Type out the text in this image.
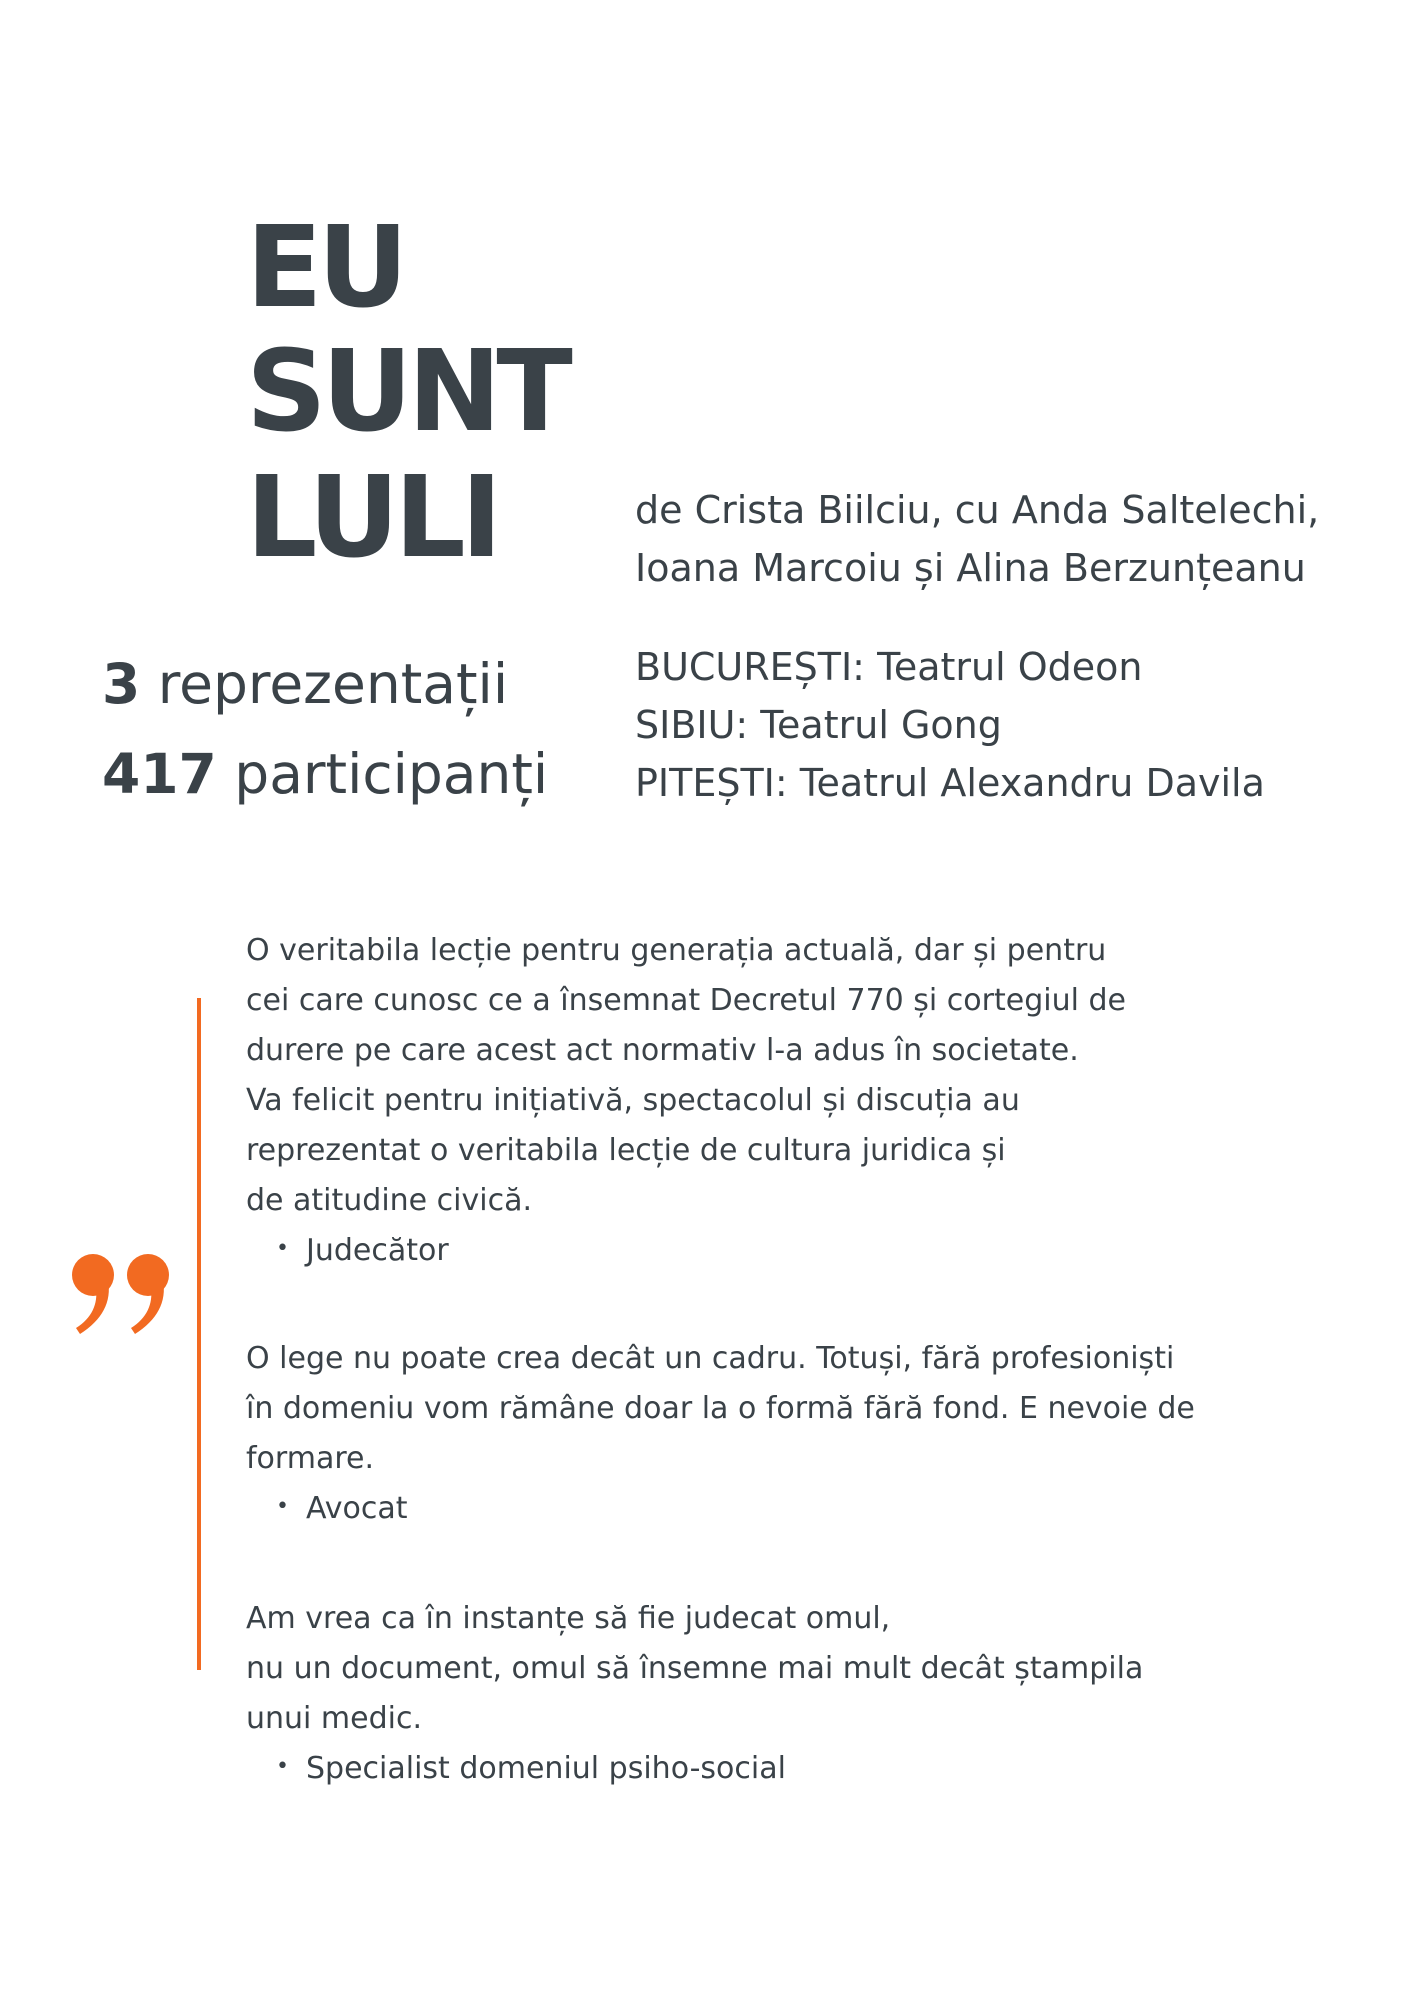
EU
SUNT
LULI	de Crista Biilciu, cu Anda Saltelechi,
Ioana Marcoiu și Alina Berzunțeanu
3 reprezentații
417 participanți
BUCUREȘTI: Teatrul Odeon
SIBIU: Teatrul Gong
PITEȘTI: Teatrul Alexandru Davila
O veritabila lecție pentru generația actuală, dar și pentru
cei care cunosc ce a însemnat Decretul 770 și cortegiul de
durere pe care acest act normativ l-a adus în societate.
Va felicit pentru inițiativă, spectacolul și discuția au
reprezentat o veritabila lecție de cultura juridica și
de atitudine civică.
• Judecător
O lege nu poate crea decât un cadru. Totuși, fără profesioniști
în domeniu vom rămâne doar la o formă fără fond. E nevoie de
formare.
• Avocat
Am vrea ca în instanțe să fie judecat omul,
nu un document, omul să însemne mai mult decât ștampila
unui medic.
• Specialist domeniul psiho-social
